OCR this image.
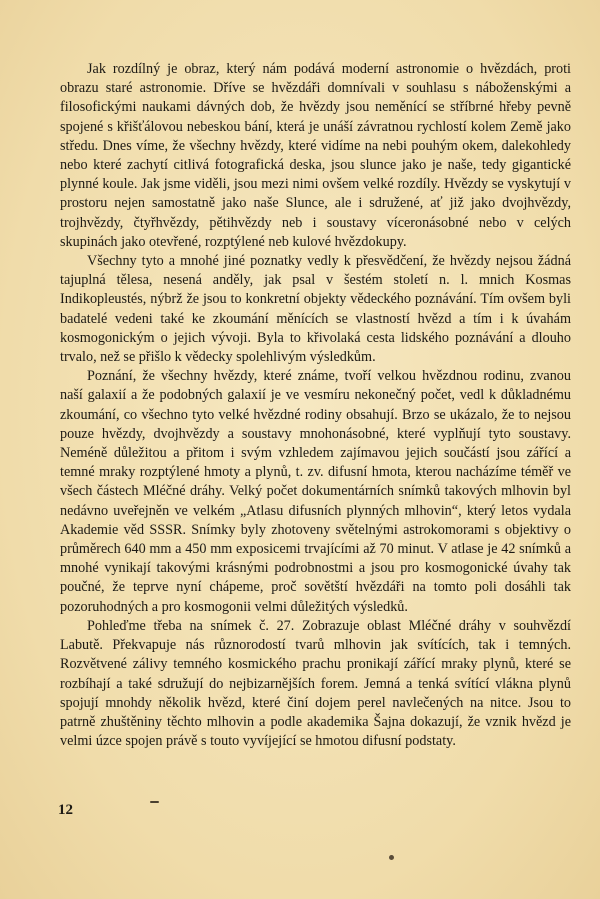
Jak rozdílný je obraz, který nám podává moderní astronomie o hvězdách, proti obrazu staré astronomie. Dříve se hvězdáři domnívali v souhlasu s náboženskými a filosofickými naukami dávných dob, že hvězdy jsou neměnící se stříbrné hřeby pevně spojené s křišťálovou nebeskou bání, která je unáší závratnou rychlostí kolem Země jako středu. Dnes víme, že všechny hvězdy, které vidíme na nebi pouhým okem, dalekohledy nebo které zachytí citlivá fotografická deska, jsou slunce jako je naše, tedy gigantické plynné koule. Jak jsme viděli, jsou mezi nimi ovšem velké rozdíly. Hvězdy se vyskytují v prostoru nejen samostatně jako naše Slunce, ale i sdružené, ať již jako dvojhvězdy, trojhvězdy, čtyřhvězdy, pětihvězdy neb i soustavy víceronásobné nebo v celých skupinách jako otevřené, rozptýlené neb kulové hvězdokupy.

Všechny tyto a mnohé jiné poznatky vedly k přesvědčení, že hvězdy nejsou žádná tajuplná tělesa, nesená anděly, jak psal v šestém století n. l. mnich Kosmas Indikopleustés, nýbrž že jsou to konkretní objekty vědeckého poznávání. Tím ovšem byli badatelé vedeni také ke zkoumání měnících se vlastností hvězd a tím i k úvahám kosmogonickým o jejich vývoji. Byla to křivolaká cesta lidského poznávání a dlouho trvalo, než se přišlo k vědecky spolehlivým výsledkům.

Poznání, že všechny hvězdy, které známe, tvoří velkou hvězdnou rodinu, zvanou naší galaxií a že podobných galaxií je ve vesmíru nekonečný počet, vedl k důkladnému zkoumání, co všechno tyto velké hvězdné rodiny obsahují. Brzo se ukázalo, že to nejsou pouze hvězdy, dvojhvězdy a soustavy mnohonásobné, které vyplňují tyto soustavy. Neméně důležitou a přitom i svým vzhledem zajímavou jejich součástí jsou zářící a temné mraky rozptýlené hmoty a plynů, t. zv. difusní hmota, kterou nacházíme téměř ve všech částech Mléčné dráhy. Velký počet dokumentárních snímků takových mlhovin byl nedávno uveřejněn ve velkém „Atlasu difusních plynných mlhovin“, který letos vydala Akademie věd SSSR. Snímky byly zhotoveny světelnými astrokomorami s objektivy o průměrech 640 mm a 450 mm exposicemi trvajícími až 70 minut. V atlase je 42 snímků a mnohé vynikají takovými krásnými podrobnostmi a jsou pro kosmogonické úvahy tak poučné, že teprve nyní chápeme, proč sovětští hvězdáři na tomto poli dosáhli tak pozoruhodných a pro kosmogonii velmi důležitých výsledků.

Pohleďme třeba na snímek č. 27. Zobrazuje oblast Mléčné dráhy v souhvězdí Labutě. Překvapuje nás různorodostí tvarů mlhovin jak svítících, tak i temných. Rozvětvené zálivy temného kosmického prachu pronikají zářící mraky plynů, které se rozbíhají a také sdružují do nejbizarnějších forem. Jemná a tenká svítící vlákna plynů spojují mnohdy několik hvězd, které činí dojem perel navlečených na nitce. Jsou to patrně zhuštěniny těchto mlhovin a podle akademika Šajna dokazují, že vznik hvězd je velmi úzce spojen právě s touto vyvíjející se hmotou difusní podstaty.

12
